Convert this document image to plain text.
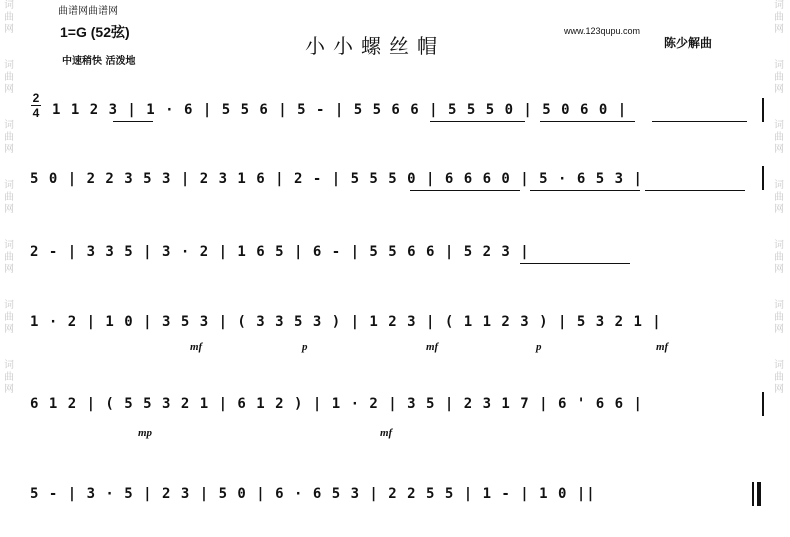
词
曲
网
词
曲
网
词
曲
网
词
曲
网
词
曲
网
词
曲
网
词
曲
网
词
曲
网
词
曲
网
词
曲
网
词
曲
网
词
曲
网
词
曲
网
词
曲
网
曲谱网曲谱网
1=G (52弦)
中速稍快 活泼地
小小螺丝帽
www.123qupu.com
陈少解曲
2
4 1 1 2 3 | 1 · 6 | 5 5 6 | 5 - | 5 5 6 6 | 5 5 5 0 | 5 0 6 0 |
5 0 | 2 2 3 5 3 | 2 3 1 6 | 2 - | 5 5 5 0 | 6 6 6 0 | 5 · 6 5 3 |
2 - | 3 3 5 | 3 · 2 | 1 6 5 | 6 - | 5 5 6 6 | 5 2 3 |
1 · 2 | 1 0 | 3 5 3 | ( 3 3 5 3 ) | 1 2 3 | ( 1 1 2 3 ) | 5 3 2 1 |
6 1 2 | ( 5 5 3 2 1 | 6 1 2 ) | 1 · 2 | 3 5 | 2 3 1 7 | 6 ' 6 6 |
5 - | 3 · 5 | 2 3 | 5 0 | 6 · 6 5 3 | 2 2 5 5 | 1 - | 1 0 ||
mf	p	mf	p	mf
mp	mf
